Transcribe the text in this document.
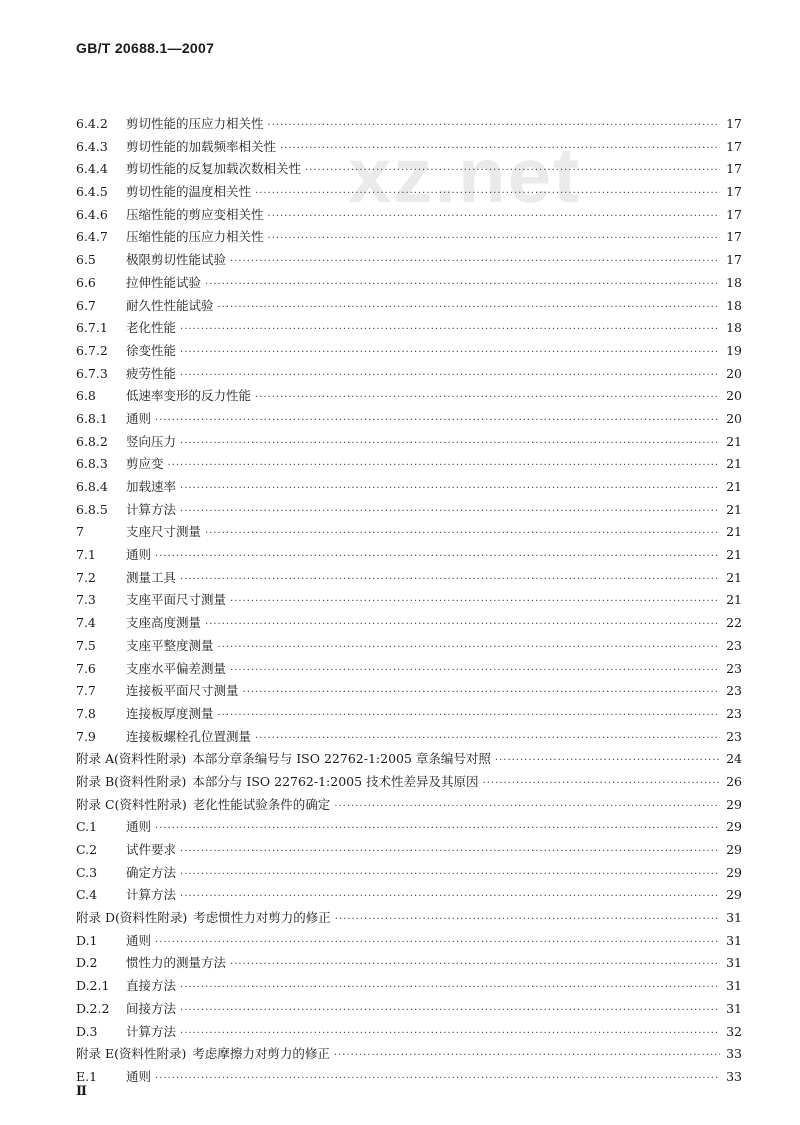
GB/T 20688.1—2007
xz.net
6.4.2	剪切性能的压应力相关性 ·····	17
6.4.3	剪切性能的加载频率相关性 ·····	17
6.4.4	剪切性能的反复加载次数相关性 ·····	17
6.4.5	剪切性能的温度相关性 ·····	17
6.4.6	压缩性能的剪应变相关性 ·····	17
6.4.7	压缩性能的压应力相关性 ·····	17
6.5	极限剪切性能试验 ·····	17
6.6	拉伸性能试验 ·····	18
6.7	耐久性性能试验 ·····	18
6.7.1	老化性能 ·····	18
6.7.2	徐变性能 ·····	19
6.7.3	疲劳性能 ·····	20
6.8	低速率变形的反力性能 ·····	20
6.8.1	通则 ·····	20
6.8.2	竖向压力 ·····	21
6.8.3	剪应变 ·····	21
6.8.4	加载速率 ·····	21
6.8.5	计算方法 ·····	21
7	支座尺寸测量 ·····	21
7.1	通则 ·····	21
7.2	测量工具 ·····	21
7.3	支座平面尺寸测量 ·····	21
7.4	支座高度测量 ·····	22
7.5	支座平整度测量 ·····	23
7.6	支座水平偏差测量 ·····	23
7.7	连接板平面尺寸测量 ·····	23
7.8	连接板厚度测量 ·····	23
7.9	连接板螺栓孔位置测量 ·····	23
附录 A(资料性附录) 本部分章条编号与 ISO 22762-1:2005 章条编号对照 ·····	24
附录 B(资料性附录) 本部分与 ISO 22762-1:2005 技术性差异及其原因 ·····	26
附录 C(资料性附录) 老化性能试验条件的确定 ·····	29
C.1	通则 ·····	29
C.2	试件要求 ·····	29
C.3	确定方法 ·····	29
C.4	计算方法 ·····	29
附录 D(资料性附录) 考虑惯性力对剪力的修正 ·····	31
D.1	通则 ·····	31
D.2	惯性力的测量方法 ·····	31
D.2.1	直接方法 ·····	31
D.2.2	间接方法 ·····	31
D.3	计算方法 ·····	32
附录 E(资料性附录) 考虑摩擦力对剪力的修正 ·····	33
E.1	通则 ·····	33
Ⅱ
